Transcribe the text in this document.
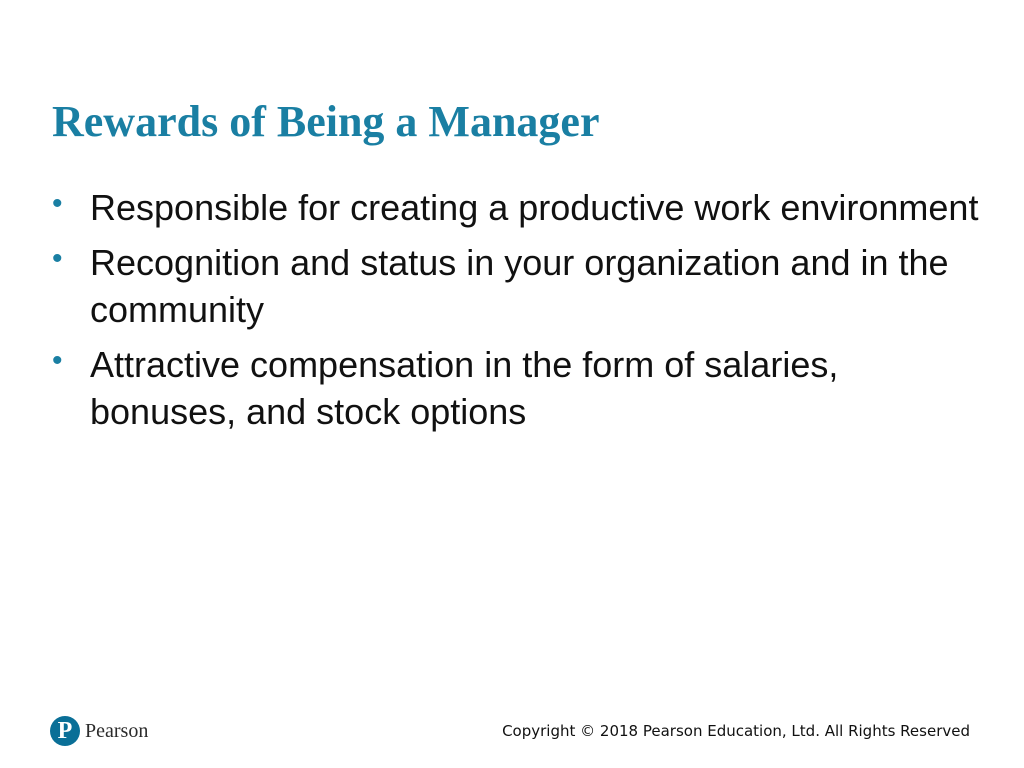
Rewards of Being a Manager
• Responsible for creating a productive work environment
• Recognition and status in your organization and in the community
• Attractive compensation in the form of salaries, bonuses, and stock options
P Pearson	Copyright © 2018 Pearson Education, Ltd. All Rights Reserved
